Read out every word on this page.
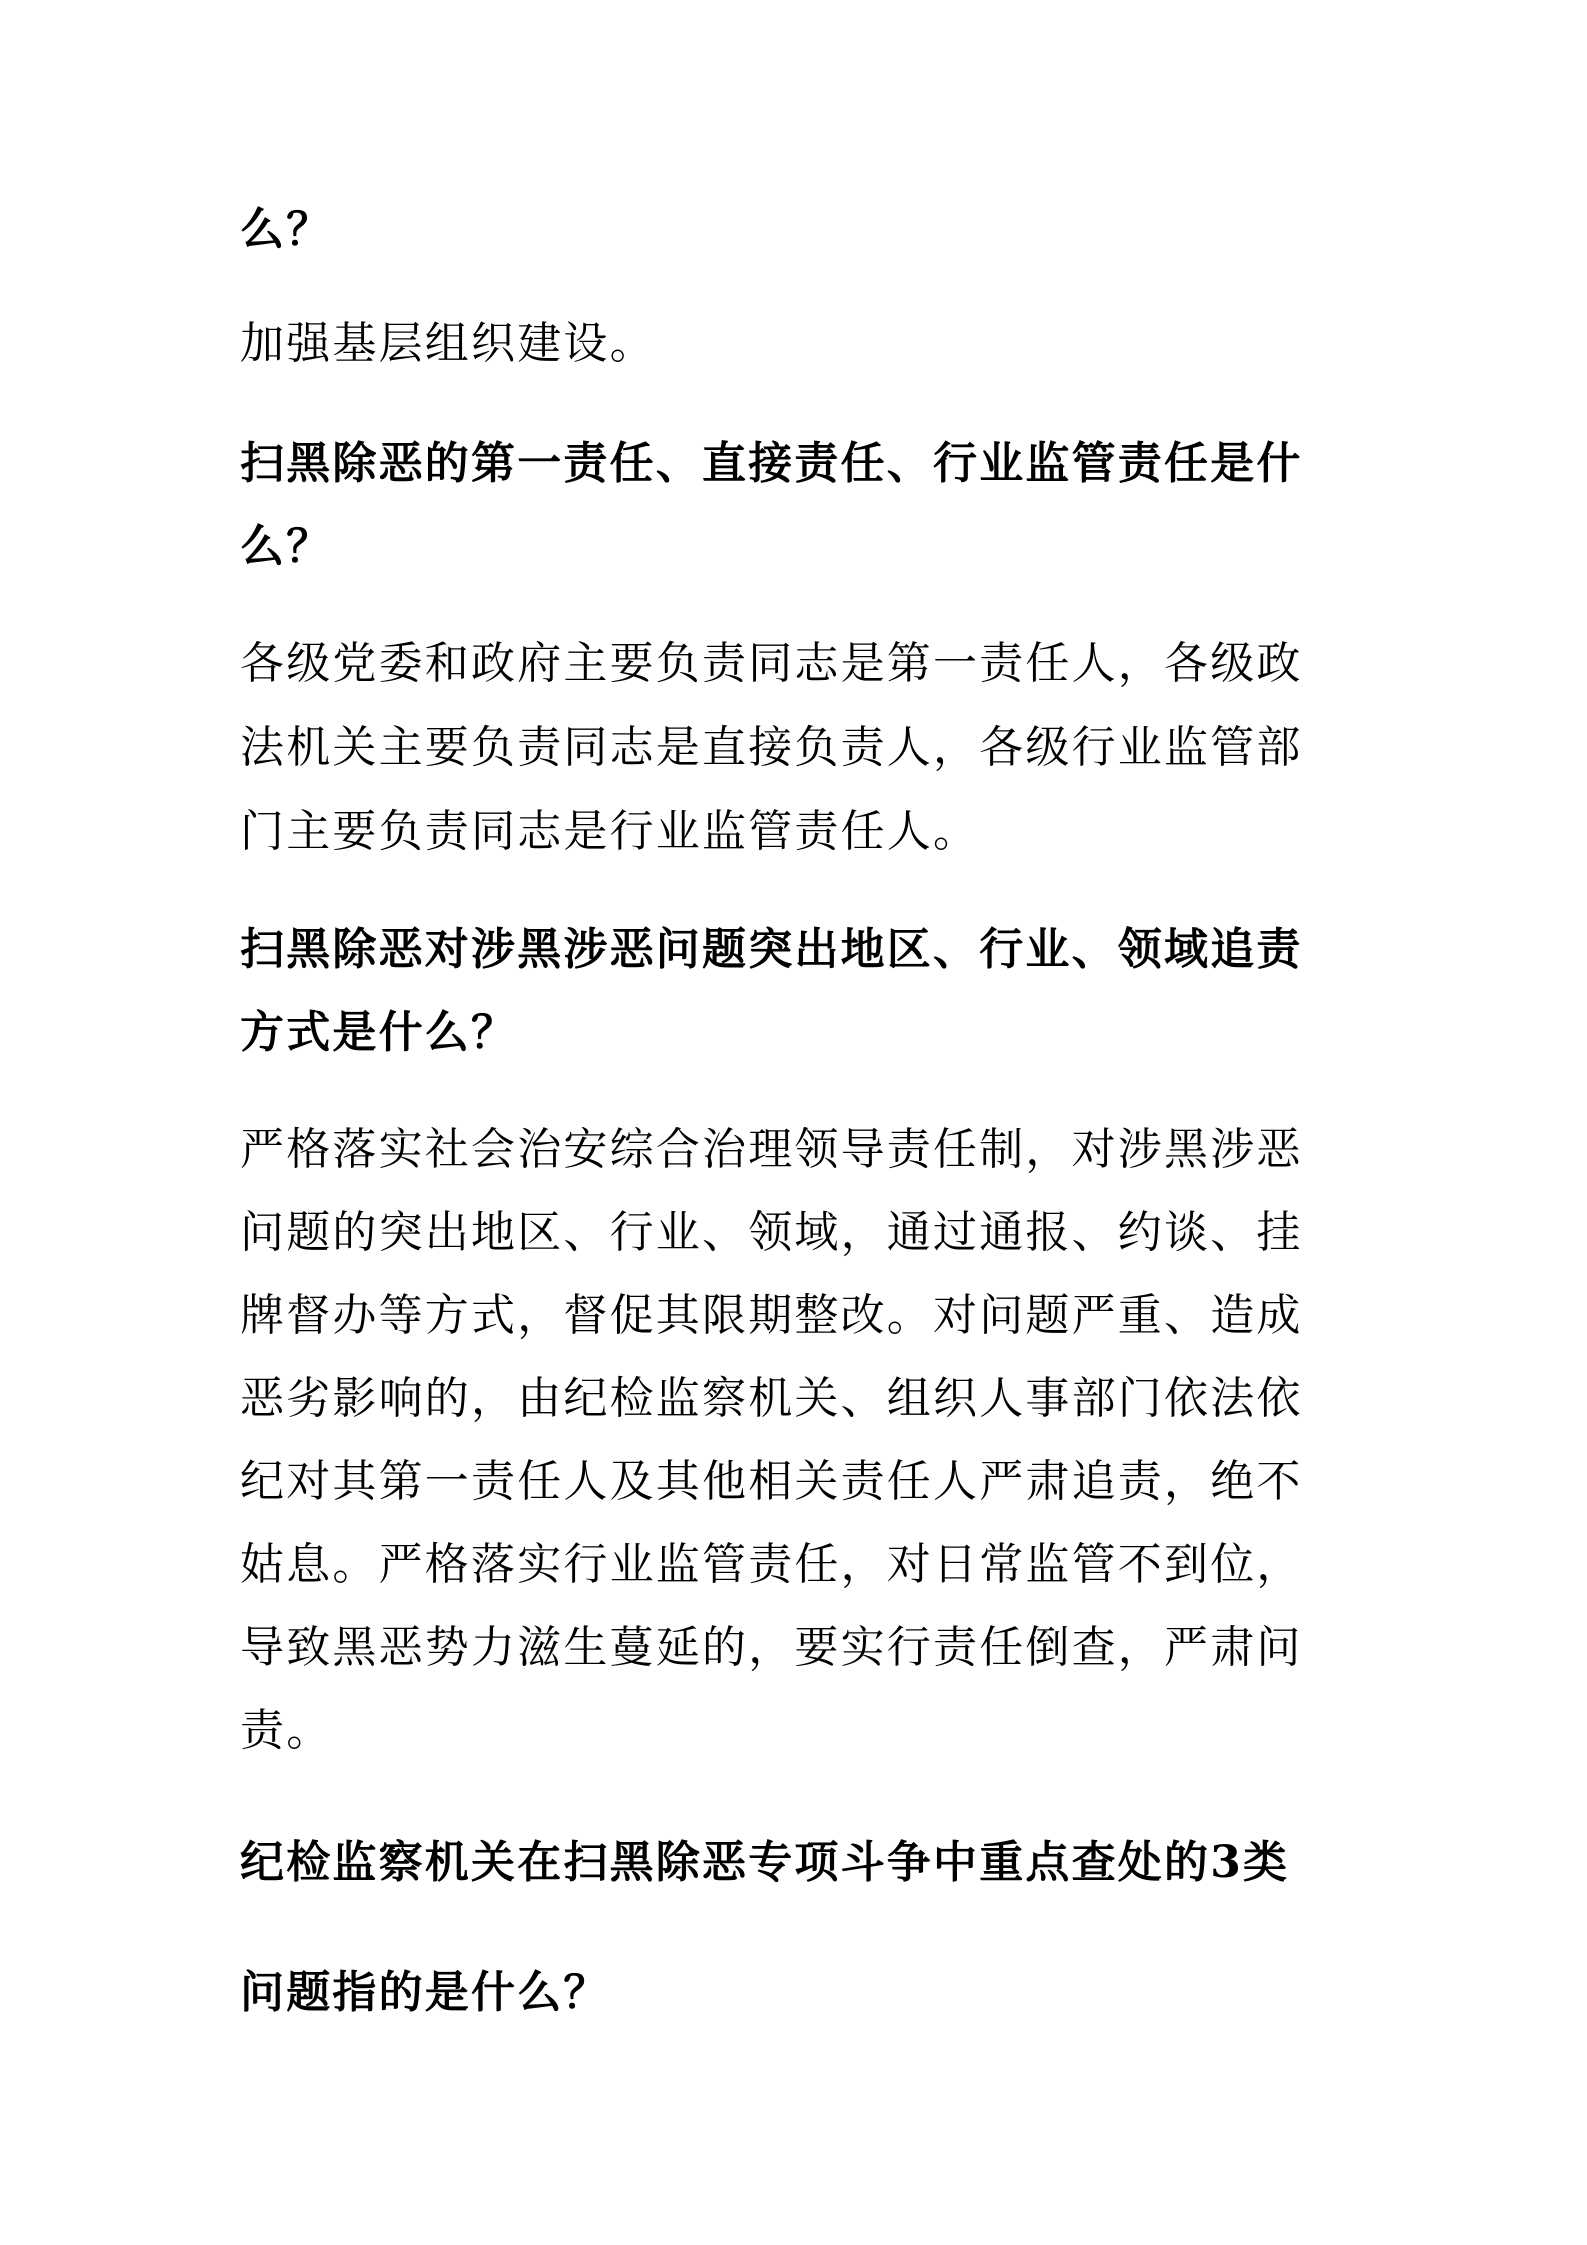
么？
加强基层组织建设。
扫黑除恶的第一责任、直接责任、行业监管责任是什
么？
各级党委和政府主要负责同志是第一责任人，各级政
法机关主要负责同志是直接负责人，各级行业监管部
门主要负责同志是行业监管责任人。
扫黑除恶对涉黑涉恶问题突出地区、行业、领域追责
方式是什么？
严格落实社会治安综合治理领导责任制，对涉黑涉恶
问题的突出地区、行业、领域，通过通报、约谈、挂
牌督办等方式，督促其限期整改。对问题严重、造成
恶劣影响的，由纪检监察机关、组织人事部门依法依
纪对其第一责任人及其他相关责任人严肃追责，绝不
姑息。严格落实行业监管责任，对日常监管不到位，
导致黑恶势力滋生蔓延的，要实行责任倒查，严肃问
责。
纪检监察机关在扫黑除恶专项斗争中重点查处的3类
问题指的是什么？
